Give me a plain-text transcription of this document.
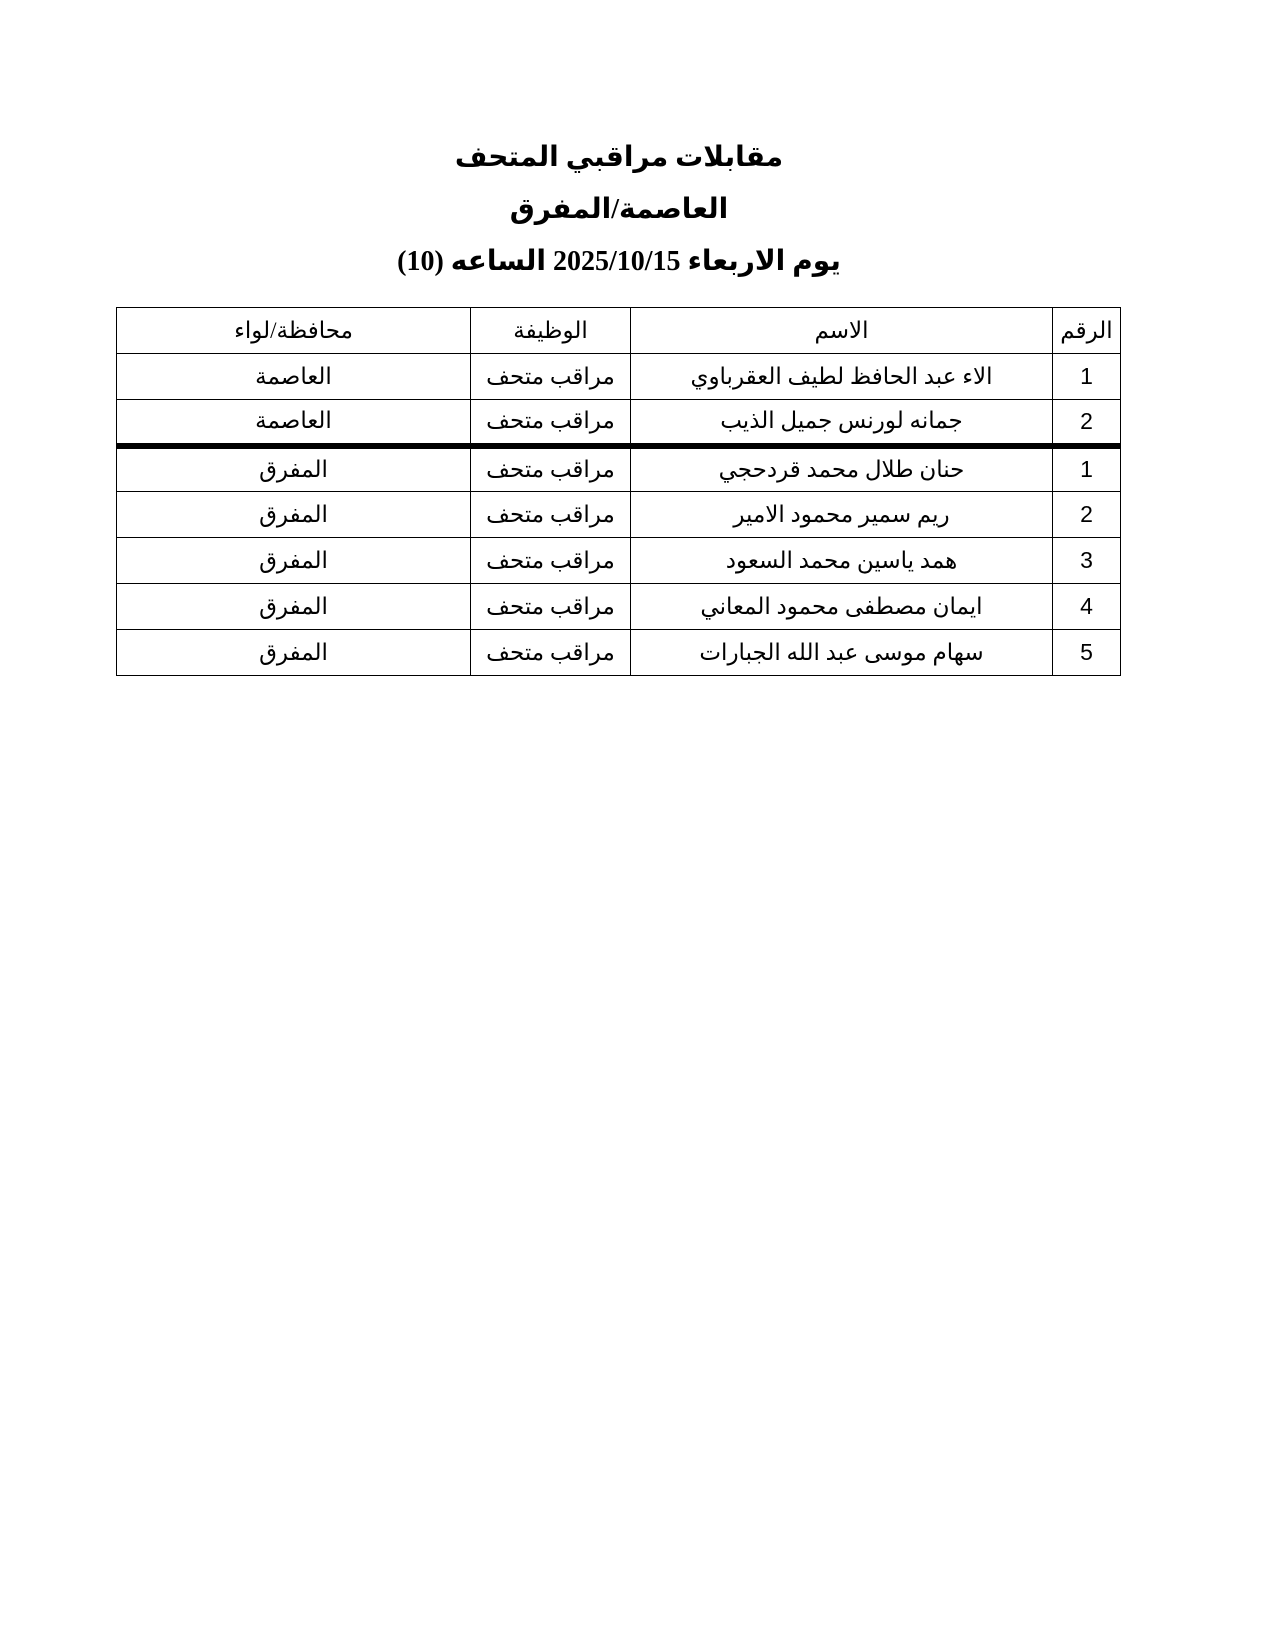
مقابلات مراقبي المتحف
العاصمة/المفرق
يوم الاربعاء 2025/10/15 الساعه (10)
الرقم	الاسم	الوظيفة	محافظة/لواء
1	الاء عبد الحافظ لطيف العقرباوي	مراقب متحف	العاصمة
2	جمانه لورنس جميل الذيب	مراقب متحف	العاصمة
1	حنان طلال محمد قردحجي	مراقب متحف	المفرق
2	ريم سمير محمود الامير	مراقب متحف	المفرق
3	همد ياسين محمد السعود	مراقب متحف	المفرق
4	ايمان مصطفى محمود المعاني	مراقب متحف	المفرق
5	سهام موسى عبد الله الجبارات	مراقب متحف	المفرق
